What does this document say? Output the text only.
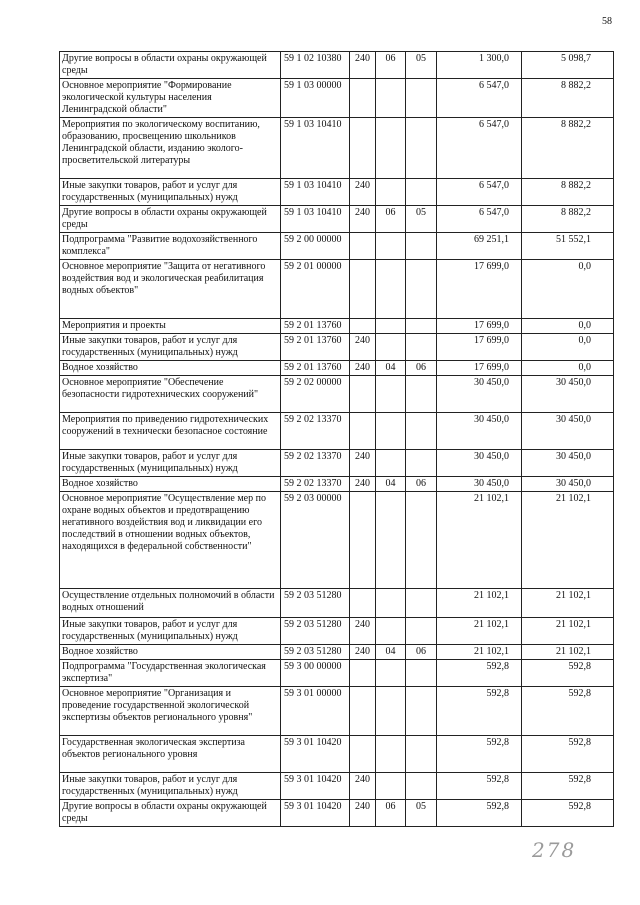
58
Другие вопросы в области охраны окружающей среды	59 1 02 10380	240	06	05	1 300,0	5 098,7
Основное мероприятие "Формирование экологической культуры населения Ленинградской области"	59 1 03 00000				6 547,0	8 882,2
Мероприятия по экологическому воспитанию, образованию, просвещению школьников Ленинградской области, изданию эколого-просветительской литературы	59 1 03 10410				6 547,0	8 882,2
Иные закупки товаров, работ и услуг для государственных (муниципальных) нужд	59 1 03 10410	240			6 547,0	8 882,2
Другие вопросы в области охраны окружающей среды	59 1 03 10410	240	06	05	6 547,0	8 882,2
Подпрограмма "Развитие водохозяйственного комплекса"	59 2 00 00000				69 251,1	51 552,1
Основное мероприятие "Защита от негативного воздействия вод и экологическая реабилитация водных объектов"	59 2 01 00000				17 699,0	0,0
Мероприятия и проекты	59 2 01 13760				17 699,0	0,0
Иные закупки товаров, работ и услуг для государственных (муниципальных) нужд	59 2 01 13760	240			17 699,0	0,0
Водное хозяйство	59 2 01 13760	240	04	06	17 699,0	0,0
Основное мероприятие "Обеспечение безопасности гидротехнических сооружений"	59 2 02 00000				30 450,0	30 450,0
Мероприятия по приведению гидротехнических сооружений в технически безопасное состояние	59 2 02 13370				30 450,0	30 450,0
Иные закупки товаров, работ и услуг для государственных (муниципальных) нужд	59 2 02 13370	240			30 450,0	30 450,0
Водное хозяйство	59 2 02 13370	240	04	06	30 450,0	30 450,0
Основное мероприятие "Осуществление мер по охране водных объектов и предотвращению негативного воздействия вод и ликвидации его последствий в отношении водных объектов, находящихся в федеральной собственности"	59 2 03 00000				21 102,1	21 102,1
Осуществление отдельных полномочий в области водных отношений	59 2 03 51280				21 102,1	21 102,1
Иные закупки товаров, работ и услуг для государственных (муниципальных) нужд	59 2 03 51280	240			21 102,1	21 102,1
Водное хозяйство	59 2 03 51280	240	04	06	21 102,1	21 102,1
Подпрограмма "Государственная экологическая экспертиза"	59 3 00 00000				592,8	592,8
Основное мероприятие "Организация и проведение государственной экологической экспертизы объектов регионального уровня"	59 3 01 00000				592,8	592,8
Государственная экологическая экспертиза объектов регионального уровня	59 3 01 10420				592,8	592,8
Иные закупки товаров, работ и услуг для государственных (муниципальных) нужд	59 3 01 10420	240			592,8	592,8
Другие вопросы в области охраны окружающей среды	59 3 01 10420	240	06	05	592,8	592,8
278
